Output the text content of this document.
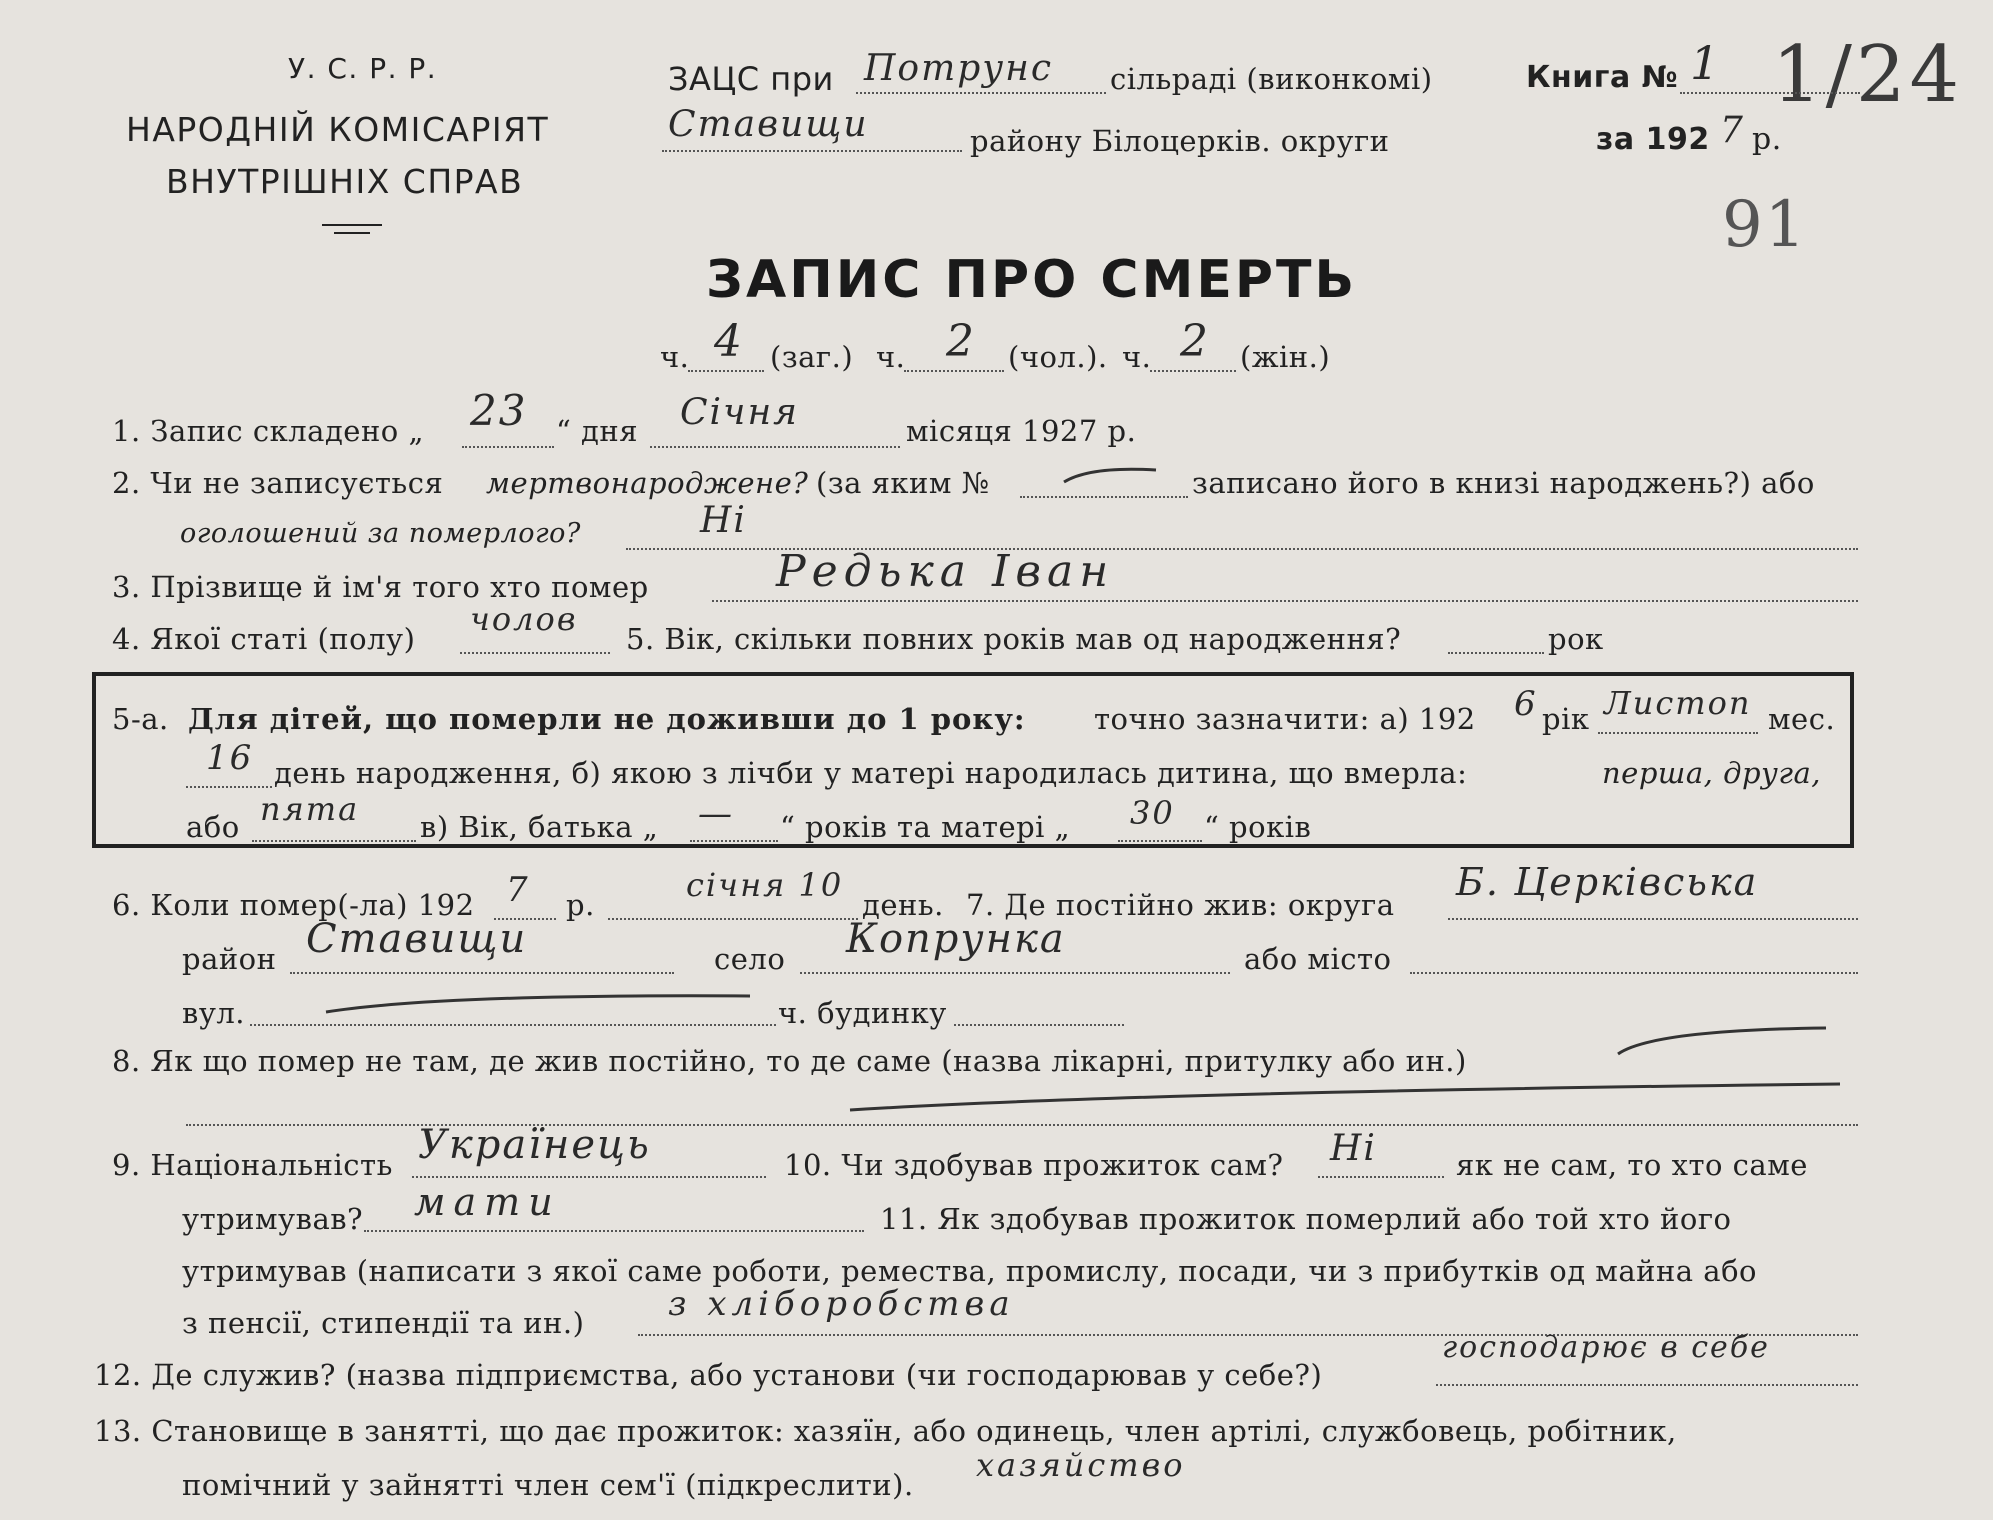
У. С. Р. Р.
НАРОДНІЙ КОМІСАРІЯТ
ВНУТРІШНІХ СПРАВ
ЗАЦС при Потрунс сільраді (виконкомі)
Ставищи	району Білоцерків. округи
Книга № 1
за 192 7 р.
1/24
91
ЗАПИС ПРО СМЕРТЬ
ч. 4 (заг.) ч. 2 (чол.). ч. 2 (жін.)
1. Запис складено „ 23 “ дня Січня	місяця 1927 р.
2. Чи не записується мертвонароджене? (за яким №	записано його в книзі народжень?) або
оголошений за померлого?	Ні
3. Прізвище й ім'я того хто помер	Редька Іван
4. Якої статі (полу)
чолов
5. Вік, скільки повних років мав од народження?	рок
5-а. Для дітей, що померли не доживши до 1 року: точно зазначити: а) 192 6 рік Листоп мес.
16 день народження, б) якою з лічби у матері народилась дитина, що вмерла:	перша, друга,
або пята в) Вік, батька „ — “ років та матері „ 30 “ років
6. Коли помер(-ла) 192 7 р.
січня 10
день. 7. Де постійно жив: округа
Б. Церківська
район Ставищи	село Копрунка	або місто
вул.	ч. будинку
8. Як що помер не там, де жив постійно, то де саме (назва лікарні, притулку або ин.)
9. Національність Українець	10. Чи здобував прожиток сам? Ні	як не сам, то хто саме
утримував? мати	11. Як здобував прожиток померлий або той хто його
утримував (написати з якої саме роботи, ремества, промислу, посади, чи з прибутків од майна або
з пенсії, стипендії та ин.) з хліборобства
12. Де служив? (назва підприємства, або установи (чи господарював у себе?)
господарює в себе
13. Становище в занятті, що дає прожиток: хазяїн, або одинець, член артілі, службовець, робітник,
помічний у зайнятті член сем'ї (підкреслити).
хазяйство
